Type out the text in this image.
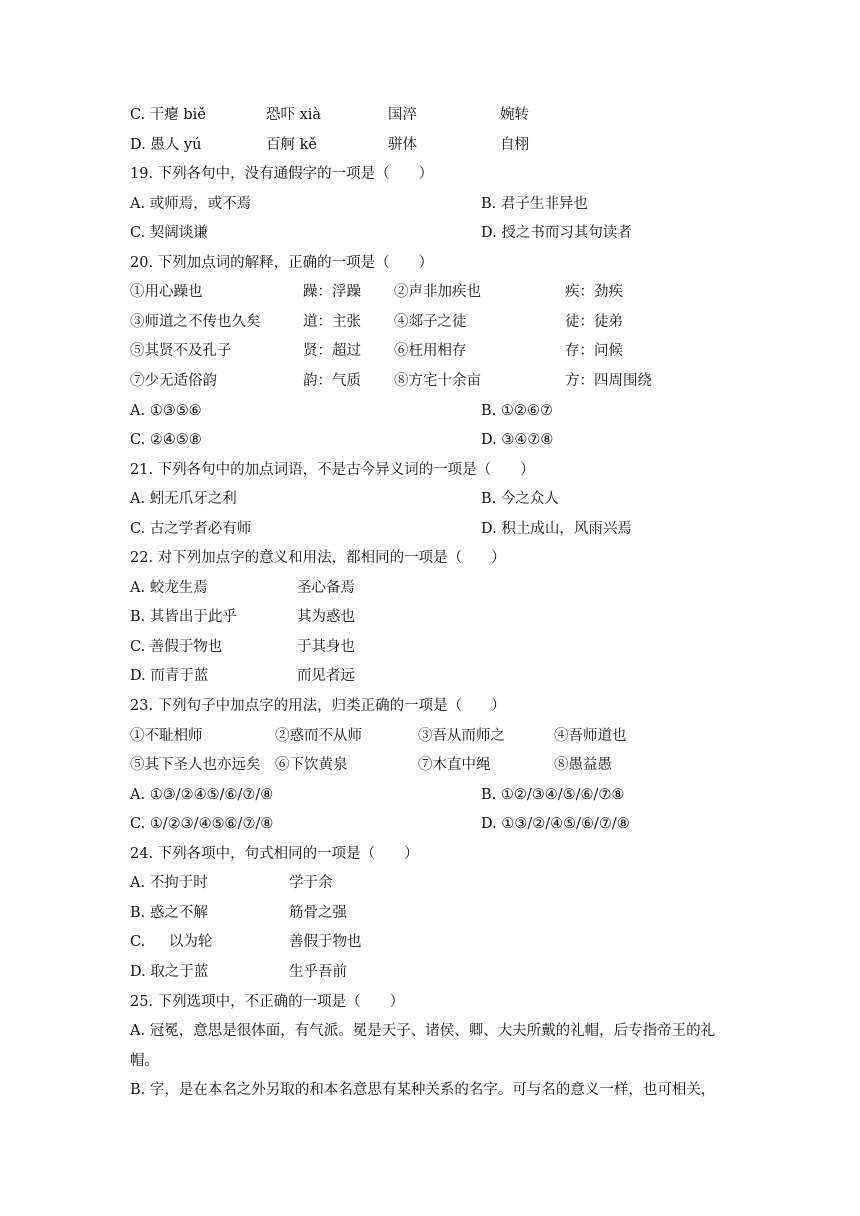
C. 干瘪 biě	恐吓 xià	国淬	婉转
D. 愚人 yú	百舸 kě	骈体	自栩
19. 下列各句中，没有通假字的一项是（　　）
A. 或师焉，或不焉	B. 君子生非异也
C. 契阔谈谦	D. 授之书而习其句读者
20. 下列加点词的解释，正确的一项是（　　）
①用心躁也	躁：浮躁 ②声非加疾也	疾：劲疾
③师道之不传也久矣	道：主张 ④郯子之徒	徒：徒弟
⑤其贤不及孔子	贤：超过 ⑥枉用相存	存：问候
⑦少无适俗韵	韵：气质 ⑧方宅十余亩	方：四周围绕
A. ①③⑤⑥	B. ①②⑥⑦
C. ②④⑤⑧	D. ③④⑦⑧
21. 下列各句中的加点词语，不是古今异义词的一项是（　　）
A. 蚓无爪牙之利	B. 今之众人
C. 古之学者必有师	D. 积土成山，风雨兴焉
22. 对下列加点字的意义和用法，都相同的一项是（　　）
A. 蛟龙生焉	圣心备焉
B. 其皆出于此乎	其为惑也
C. 善假于物也	于其身也
D. 而青于蓝	而见者远
23. 下列句子中加点字的用法，归类正确的一项是（　　）
①不耻相师	②惑而不从师	③吾从而师之	④吾师道也
⑤其下圣人也亦远矣 ⑥下饮黄泉	⑦木直中绳	⑧愚益愚
A. ①③/②④⑤/⑥/⑦/⑧	B. ①②/③④/⑤/⑥/⑦⑧
C. ①/②③/④⑤⑥/⑦/⑧	D. ①③/②/④⑤/⑥/⑦/⑧
24. 下列各项中，句式相同的一项是（　　）
A. 不拘于时	学于余
B. 惑之不解	筋骨之强
C. 　 以为轮	善假于物也
D. 取之于蓝	生乎吾前
25. 下列选项中，不正确的一项是（　　）
A. 冠冕，意思是很体面，有气派。冕是天子、诸侯、卿、大夫所戴的礼帽，后专指帝王的礼帽。
B. 字，是在本名之外另取的和本名意思有某种关系的名字。可与名的意义一样，也可相关，
